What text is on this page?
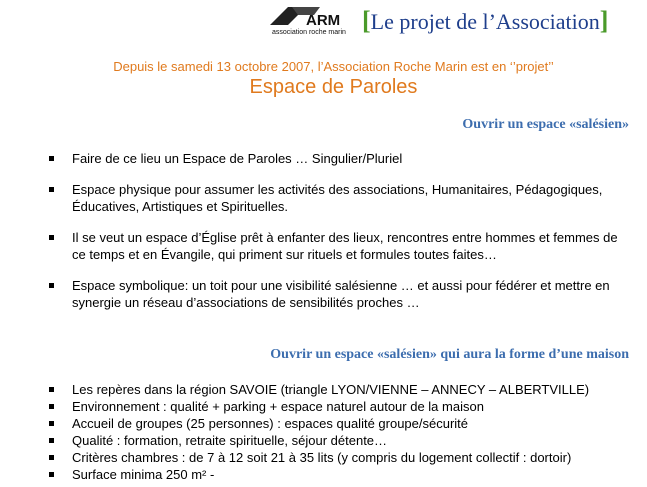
ARM
association roche marin [Le projet de l’Association]
Depuis le samedi 13 octobre 2007, l’Association Roche Marin est en ‘’projet’’
Espace de Paroles
Ouvrir un espace «salésien»
Faire de ce lieu un Espace de Paroles … Singulier/Pluriel
Espace physique pour assumer les activités des associations, Humanitaires, Pédagogiques, Éducatives, Artistiques et Spirituelles.
Il se veut un espace d’Église prêt à enfanter des lieux, rencontres entre hommes et femmes de ce temps et en Évangile, qui priment sur rituels et formules toutes faites…
Espace symbolique: un toit pour une visibilité salésienne … et aussi pour fédérer et mettre en synergie un réseau d’associations de sensibilités proches …
Ouvrir un espace «salésien» qui aura la forme d’une maison
Les repères dans la région SAVOIE (triangle LYON/VIENNE – ANNECY – ALBERTVILLE)
Environnement : qualité + parking + espace naturel autour de la maison
Accueil de groupes (25 personnes) : espaces qualité groupe/sécurité
Qualité : formation, retraite spirituelle, séjour détente…
Critères chambres : de 7 à 12 soit 21 à 35 lits (y compris du logement collectif : dortoir)
Surface minima 250 m² -
